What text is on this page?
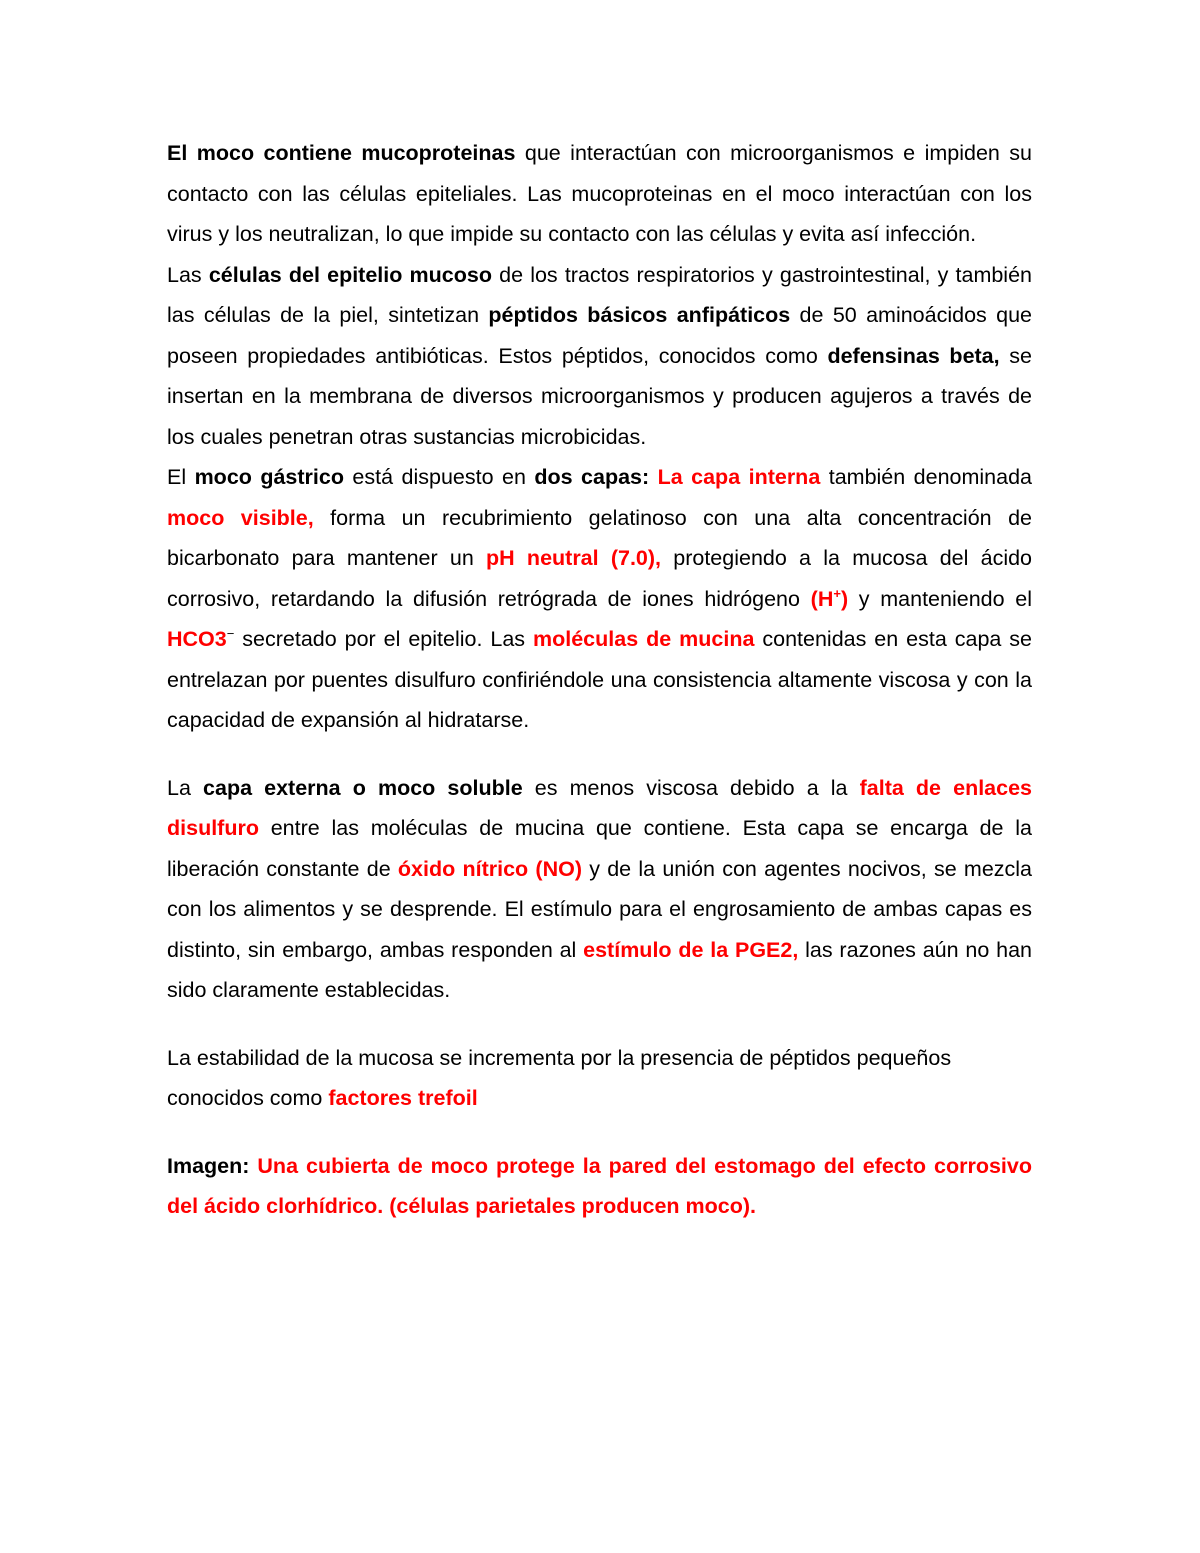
El moco contiene mucoproteinas que interactúan con microorganismos e impiden su contacto con las células epiteliales. Las mucoproteinas en el moco interactúan con los virus y los neutralizan, lo que impide su contacto con las células y evita así infección.

Las células del epitelio mucoso de los tractos respiratorios y gastrointestinal, y también las células de la piel, sintetizan péptidos básicos anfipáticos de 50 aminoácidos que poseen propiedades antibióticas. Estos péptidos, conocidos como defensinas beta, se insertan en la membrana de diversos microorganismos y producen agujeros a través de los cuales penetran otras sustancias microbicidas.

El moco gástrico está dispuesto en dos capas: La capa interna también denominada moco visible, forma un recubrimiento gelatinoso con una alta concentración de bicarbonato para mantener un pH neutral (7.0), protegiendo a la mucosa del ácido corrosivo, retardando la difusión retrógrada de iones hidrógeno (H+) y manteniendo el HCO3− secretado por el epitelio. Las moléculas de mucina contenidas en esta capa se entrelazan por puentes disulfuro confiriéndole una consistencia altamente viscosa y con la capacidad de expansión al hidratarse.

La capa externa o moco soluble es menos viscosa debido a la falta de enlaces disulfuro entre las moléculas de mucina que contiene. Esta capa se encarga de la liberación constante de óxido nítrico (NO) y de la unión con agentes nocivos, se mezcla con los alimentos y se desprende. El estímulo para el engrosamiento de ambas capas es distinto, sin embargo, ambas responden al estímulo de la PGE2, las razones aún no han sido claramente establecidas.

La estabilidad de la mucosa se incrementa por la presencia de péptidos pequeños conocidos como factores trefoil

Imagen: Una cubierta de moco protege la pared del estomago del efecto corrosivo del ácido clorhídrico. (células parietales producen moco).
